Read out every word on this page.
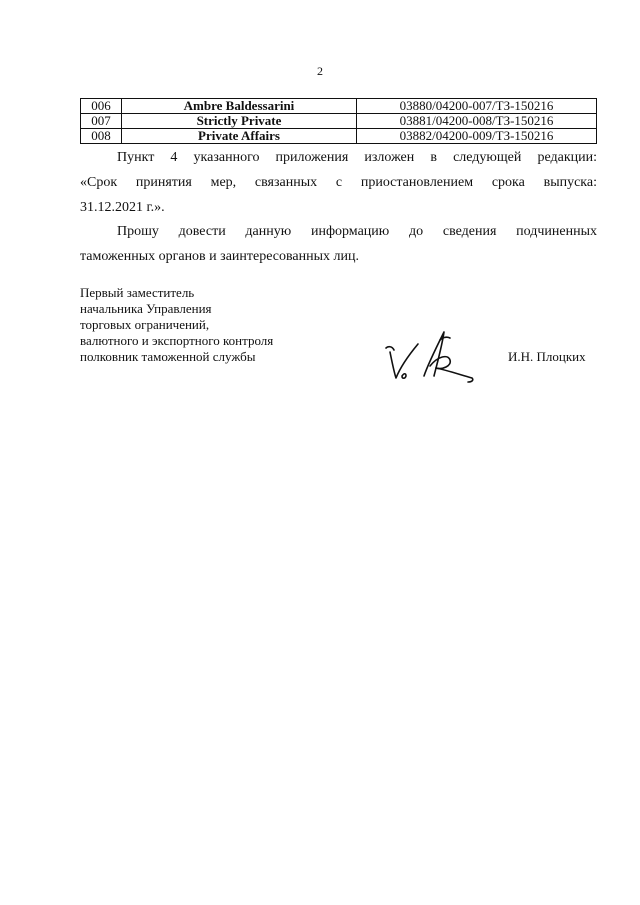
2
006	Ambre Baldessarini	03880/04200-007/ТЗ-150216
007	Strictly Private	03881/04200-008/ТЗ-150216
008	Private Affairs	03882/04200-009/ТЗ-150216
Пункт 4 указанного приложения изложен в следующей редакции:
«Срок принятия мер, связанных с приостановлением срока выпуска:
31.12.2021 г.».
Прошу довести данную информацию до сведения подчиненных
таможенных органов и заинтересованных лиц.
Первый заместитель
начальника Управления
торговых ограничений,
валютного и экспортного контроля
полковник таможенной службы	И.Н. Плоцких
